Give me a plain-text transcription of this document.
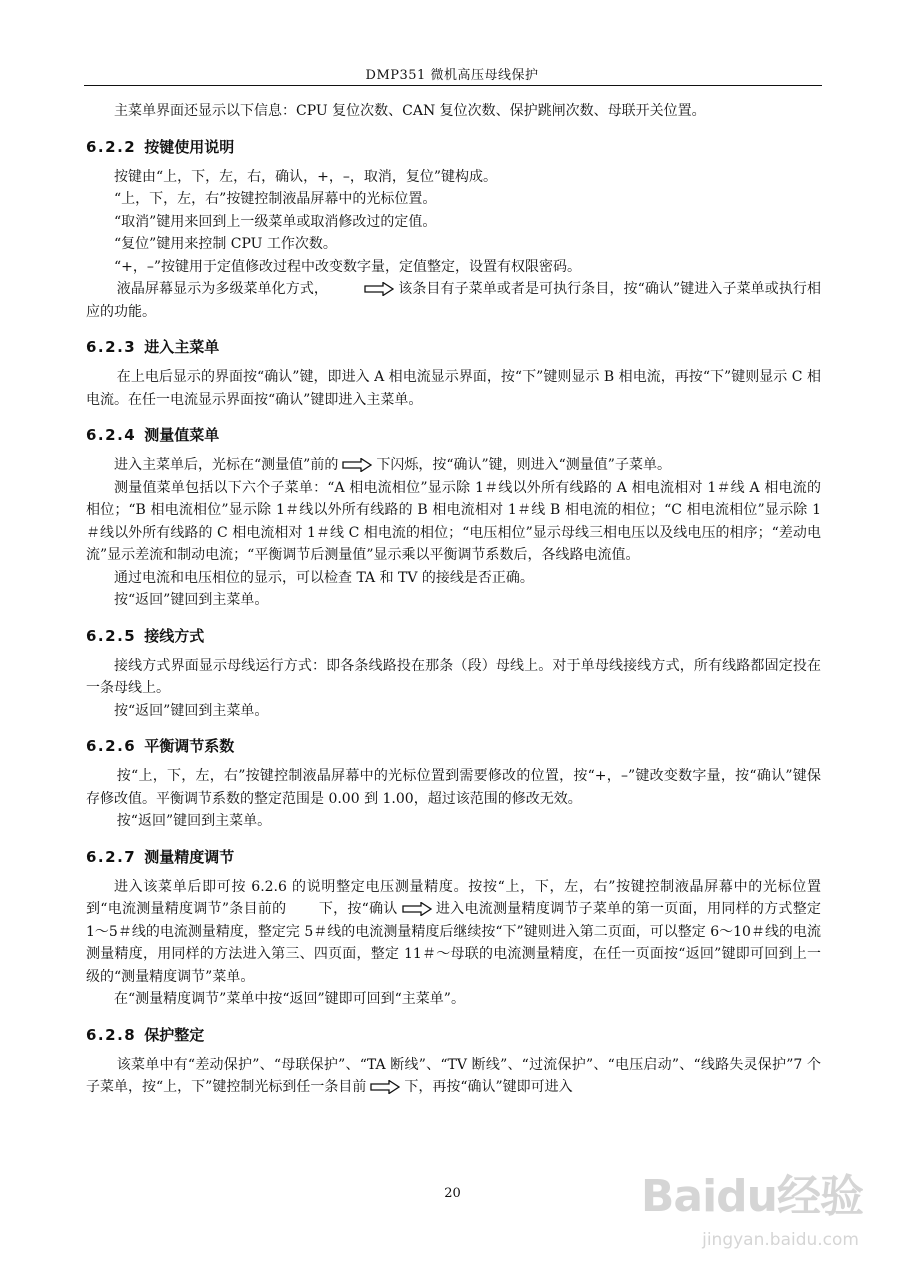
DMP351 微机高压母线保护

主菜单界面还显示以下信息：CPU 复位次数、CAN 复位次数、保护跳闸次数、母联开关位置。

6.2.2 按键使用说明

按键由“上，下，左，右，确认，+，–，取消，复位”键构成。

“上，下，左，右”按键控制液晶屏幕中的光标位置。

“取消”键用来回到上一级菜单或取消修改过的定值。

“复位”键用来控制 CPU 工作次数。

“+，–”按键用于定值修改过程中改变数字量，定值整定，设置有权限密码。

液晶屏幕显示为多级菜单化方式，	该条目有子菜单或者是可执行条目，按“确认”键进入子菜单或执行相应的功能。

6.2.3 进入主菜单

在上电后显示的界面按“确认”键，即进入 A 相电流显示界面，按“下”键则显示 B 相电流，再按“下”键则显示 C 相电流。在任一电流显示界面按“确认”键即进入主菜单。

6.2.4 测量值菜单

进入主菜单后，光标在“测量值”前的	下闪烁，按“确认”键，则进入“测量值”子菜单。

测量值菜单包括以下六个子菜单：“A 相电流相位”显示除 1＃线以外所有线路的 A 相电流相对 1＃线 A 相电流的相位；“B 相电流相位”显示除 1＃线以外所有线路的 B 相电流相对 1＃线 B 相电流的相位；“C 相电流相位”显示除 1＃线以外所有线路的 C 相电流相对 1＃线 C 相电流的相位；“电压相位”显示母线三相电压以及线电压的相序；“差动电流”显示差流和制动电流；“平衡调节后测量值”显示乘以平衡调节系数后，各线路电流值。

通过电流和电压相位的显示，可以检查 TA 和 TV 的接线是否正确。

按“返回”键回到主菜单。

6.2.5 接线方式

接线方式界面显示母线运行方式：即各条线路投在那条（段）母线上。对于单母线接线方式，所有线路都固定投在一条母线上。

按“返回”键回到主菜单。

6.2.6 平衡调节系数

按“上，下，左，右”按键控制液晶屏幕中的光标位置到需要修改的位置，按“+，–”键改变数字量，按“确认”键保存修改值。平衡调节系数的整定范围是 0.00 到 1.00，超过该范围的修改无效。

按“返回”键回到主菜单。

6.2.7 测量精度调节

进入该菜单后即可按 6.2.6 的说明整定电压测量精度。按按“上，下，左，右”按键控制液晶屏幕中的光标位置到“电流测量精度调节”条目前的 下，按“确认	进入电流测量精度调节子菜单的第一页面，用同样的方式整定 1～5＃线的电流测量精度，整定完 5＃线的电流测量精度后继续按“下”键则进入第二页面，可以整定 6～10＃线的电流测量精度，用同样的方法进入第三、四页面，整定 11＃～母联的电流测量精度，在任一页面按“返回”键即可回到上一级的“测量精度调节”菜单。

在“测量精度调节”菜单中按“返回”键即可回到“主菜单”。

6.2.8 保护整定

该菜单中有“差动保护”、“母联保护”、“TA 断线”、“TV 断线”、“过流保护”、“电压启动”、“线路失灵保护”7 个子菜单，按“上，下”键控制光标到任一条目前	下，再按“确认”键即可进入

20	Baidu经验
jingyan.baidu.com
